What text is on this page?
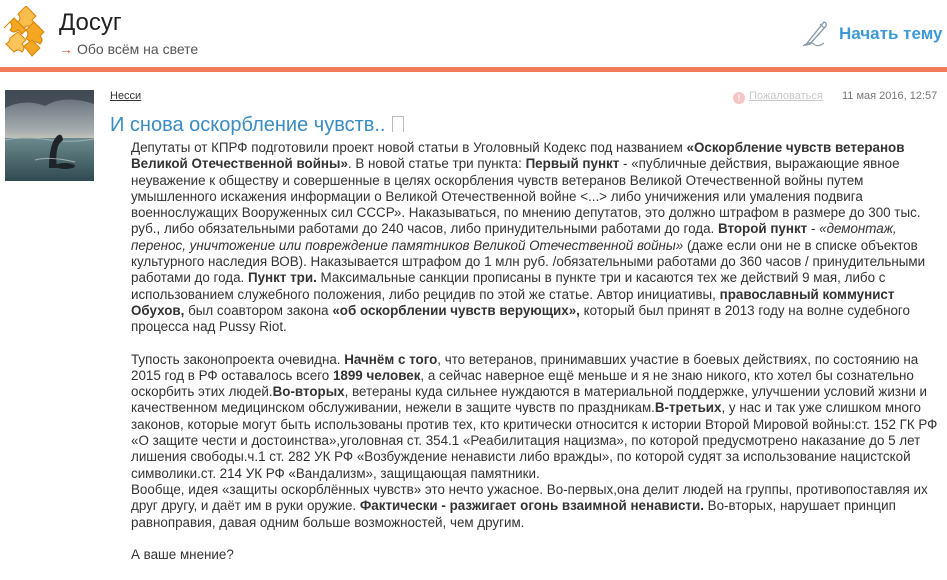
Досуг
→ Обо всём на свете
Начать тему
Несси	! Пожаловаться 11 мая 2016, 12:57
И снова оскорбление чувств..

Депутаты от КПРФ подготовили проект новой статьи в Уголовный Кодекс под названием «Оскорбление чувств ветеранов Великой Отечественной войны». В новой статье три пункта: Первый пункт - «публичные действия, выражающие явное неуважение к обществу и совершенные в целях оскорбления чувств ветеранов Великой Отечественной войны путем умышленного искажения информации о Великой Отечественной войне <...> либо уничижения или умаления подвига военнослужащих Вооруженных сил СССР». Наказываться, по мнению депутатов, это должно штрафом в размере до 300 тыс. руб., либо обязательными работами до 240 часов, либо принудительными работами до года. Второй пункт - «демонтаж, перенос, уничтожение или повреждение памятников Великой Отечественной войны» (даже если они не в списке объектов культурного наследия ВОВ). Наказывается штрафом до 1 млн руб. /обязательными работами до 360 часов / принудительными работами до года. Пункт три. Максимальные санкции прописаны в пункте три и касаются тех же действий 9 мая, либо с использованием служебного положения, либо рецидив по этой же статье. Автор инициативы, православный коммунист Обухов, был соавтором закона «об оскорблении чувств верующих», который был принят в 2013 году на волне судебного процесса над Pussy Riot.

Тупость законопроекта очевидна. Начнём с того, что ветеранов, принимавших участие в боевых действиях, по состоянию на 2015 год в РФ оставалось всего 1899 человек, а сейчас наверное ещё меньше и я не знаю никого, кто хотел бы сознательно оскорбить этих людей.Во-вторых, ветераны куда сильнее нуждаются в материальной поддержке, улучшении условий жизни и качественном медицинском обслуживании, нежели в защите чувств по праздникам.В-третьих, у нас и так уже слишком много законов, которые могут быть использованы против тех, кто критически относится к истории Второй Мировой войны:ст. 152 ГК РФ «О защите чести и достоинства»,уголовная ст. 354.1 «Реабилитация нацизма», по которой предусмотрено наказание до 5 лет лишения свободы.ч.1 ст. 282 УК РФ «Возбуждение ненависти либо вражды», по которой судят за использование нацистской символики.ст. 214 УК РФ «Вандализм», защищающая памятники.

Вообще, идея «защиты оскорблённых чувств» это нечто ужасное. Во-первых,она делит людей на группы, противопоставляя их друг другу, и даёт им в руки оружие. Фактически - разжигает огонь взаимной ненависти. Во-вторых, нарушает принцип равноправия, давая одним больше возможностей, чем другим.

А ваше мнение?
